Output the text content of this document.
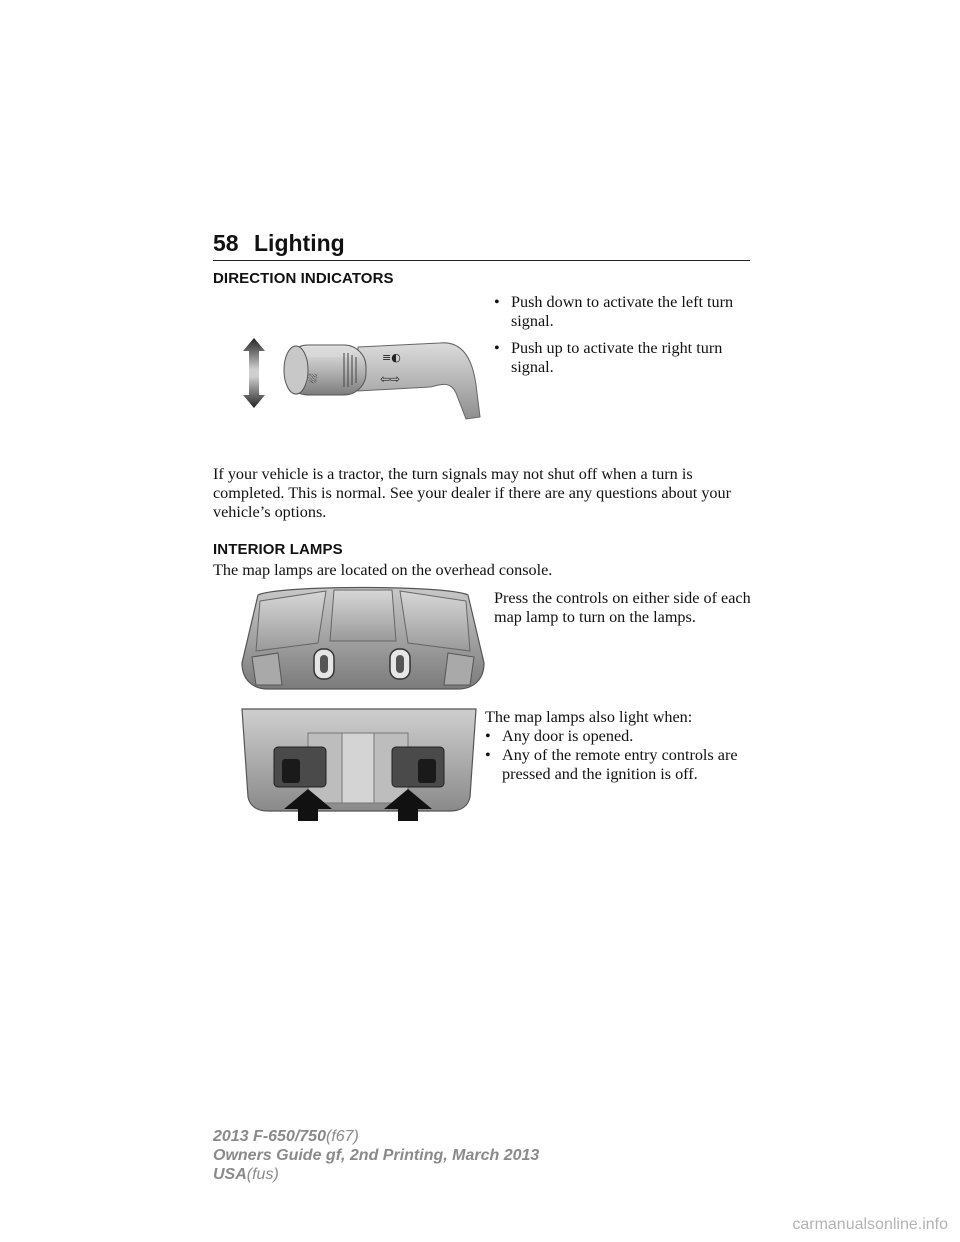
58 Lighting
DIRECTION INDICATORS
⛆
≡◐
⇦⇨
• Push down to activate the left turn signal.
• Push up to activate the right turn signal.

If your vehicle is a tractor, the turn signals may not shut off when a turn is completed. This is normal. See your dealer if there are any questions about your vehicle’s options.

INTERIOR LAMPS

The map lamps are located on the overhead console.

Press the controls on either side of each map lamp to turn on the lamps.

The map lamps also light when:

• Any door is opened.
• Any of the remote entry controls are pressed and the ignition is off.
2013 F-650/750(f67)
Owners Guide gf, 2nd Printing, March 2013
USA(fus)
carmanualsonline.info
